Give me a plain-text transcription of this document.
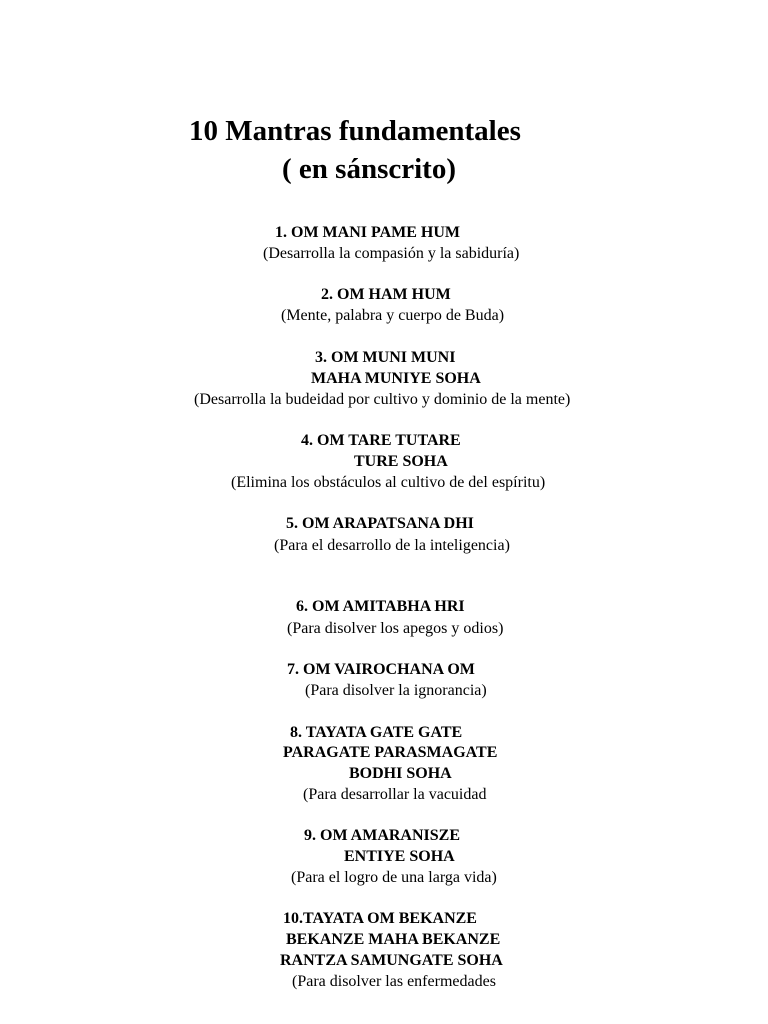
10 Mantras fundamentales
( en sánscrito)
1. OM MANI PAME HUM
(Desarrolla la compasión y la sabiduría)
2. OM HAM HUM
(Mente, palabra y cuerpo de Buda)
3. OM MUNI MUNI
MAHA MUNIYE SOHA
(Desarrolla la budeidad por cultivo y dominio de la mente)
4. OM TARE TUTARE
TURE SOHA
(Elimina los obstáculos al cultivo de del espíritu)
5. OM ARAPATSANA DHI
(Para el desarrollo de la inteligencia)
6. OM AMITABHA HRI
(Para disolver los apegos y odios)
7. OM VAIROCHANA OM
(Para disolver la ignorancia)
8. TAYATA GATE GATE
PARAGATE PARASMAGATE
BODHI SOHA
(Para desarrollar la vacuidad
9. OM AMARANISZE
ENTIYE SOHA
(Para el logro de una larga vida)
10.TAYATA OM BEKANZE
BEKANZE MAHA BEKANZE
RANTZA SAMUNGATE SOHA
(Para disolver las enfermedades
